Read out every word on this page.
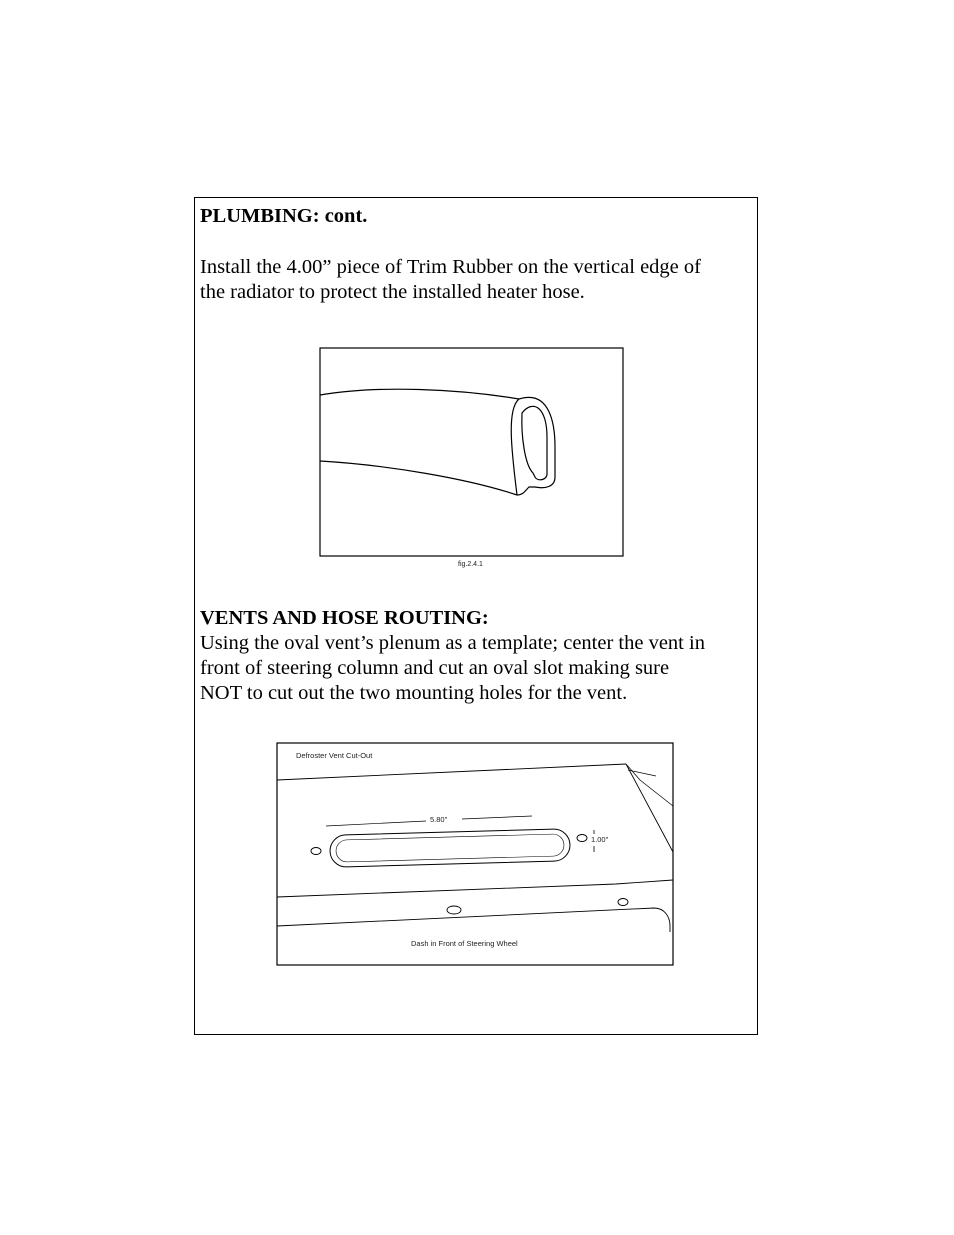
PLUMBING: cont.
Install the 4.00” piece of Trim Rubber on the vertical edge of
the radiator to protect the installed heater hose.
fig.2.4.1
VENTS AND HOSE ROUTING:
Using the oval vent’s plenum as a template; center the vent in
front of steering column and cut an oval slot making sure
NOT to cut out the two mounting holes for the vent.
Defroster Vent Cut-Out
5.80"
1.00"
Dash in Front of Steering Wheel
